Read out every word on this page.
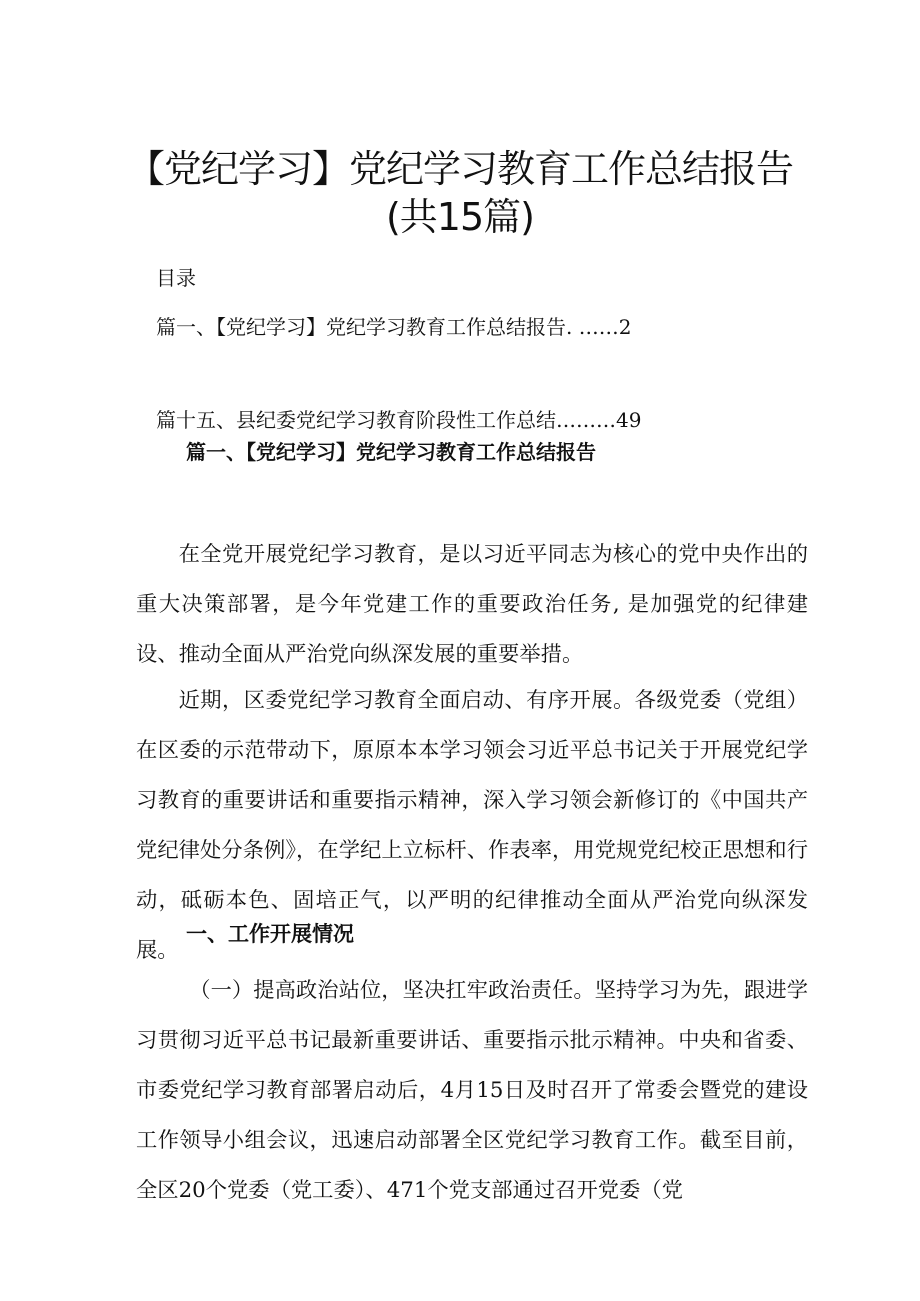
【党纪学习】党纪学习教育工作总结报告
(共15篇)
目录
篇一、【党纪学习】党纪学习教育工作总结报告. ……2
篇十五、县纪委党纪学习教育阶段性工作总结………49
篇一、【党纪学习】党纪学习教育工作总结报告

在全党开展党纪学习教育，是以习近平同志为核心的党中央作出的重大决策部署，是今年党建工作的重要政治任务, 是加强党的纪律建设、推动全面从严治党向纵深发展的重要举措。

近期，区委党纪学习教育全面启动、有序开展。各级党委（党组）在区委的示范带动下，原原本本学习领会习近平总书记关于开展党纪学习教育的重要讲话和重要指示精神，深入学习领会新修订的《中国共产党纪律处分条例》，在学纪上立标杆、作表率，用党规党纪校正思想和行动，砥砺本色、固培正气，以严明的纪律推动全面从严治党向纵深发展。

一、工作开展情况

（一）提高政治站位，坚决扛牢政治责任。坚持学习为先，跟进学习贯彻习近平总书记最新重要讲话、重要指示批示精神。中央和省委、市委党纪学习教育部署启动后，4月15日及时召开了常委会暨党的建设工作领导小组会议，迅速启动部署全区党纪学习教育工作。截至目前，全区20个党委（党工委）、471个党支部通过召开党委（党
